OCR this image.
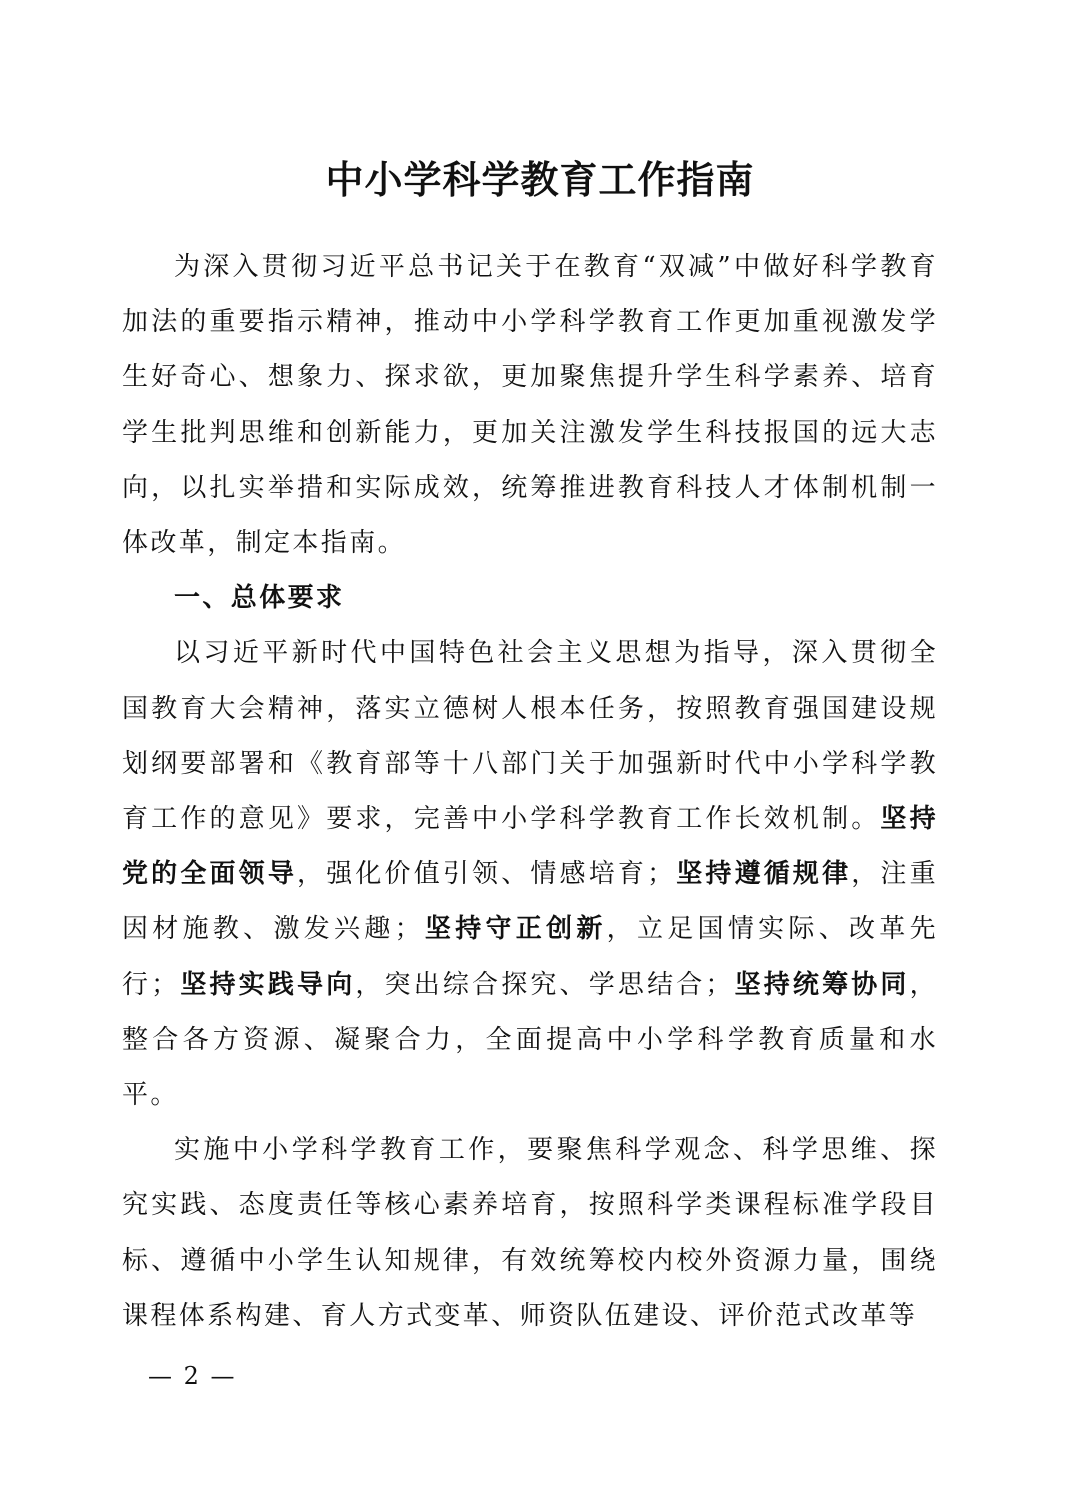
中小学科学教育工作指南

为深入贯彻习近平总书记关于在教育“双减”中做好科学教育加法的重要指示精神，推动中小学科学教育工作更加重视激发学生好奇心、想象力、探求欲，更加聚焦提升学生科学素养、培育学生批判思维和创新能力，更加关注激发学生科技报国的远大志向，以扎实举措和实际成效，统筹推进教育科技人才体制机制一体改革，制定本指南。

一、总体要求

以习近平新时代中国特色社会主义思想为指导，深入贯彻全国教育大会精神，落实立德树人根本任务，按照教育强国建设规划纲要部署和《教育部等十八部门关于加强新时代中小学科学教育工作的意见》要求，完善中小学科学教育工作长效机制。坚持党的全面领导，强化价值引领、情感培育；坚持遵循规律，注重因材施教、激发兴趣；坚持守正创新，立足国情实际、改革先行；坚持实践导向，突出综合探究、学思结合；坚持统筹协同，整合各方资源、凝聚合力，全面提高中小学科学教育质量和水平。

实施中小学科学教育工作，要聚焦科学观念、科学思维、探究实践、态度责任等核心素养培育，按照科学类课程标准学段目标、遵循中小学生认知规律，有效统筹校内校外资源力量，围绕课程体系构建、育人方式变革、师资队伍建设、评价范式改革等

— 2 —
